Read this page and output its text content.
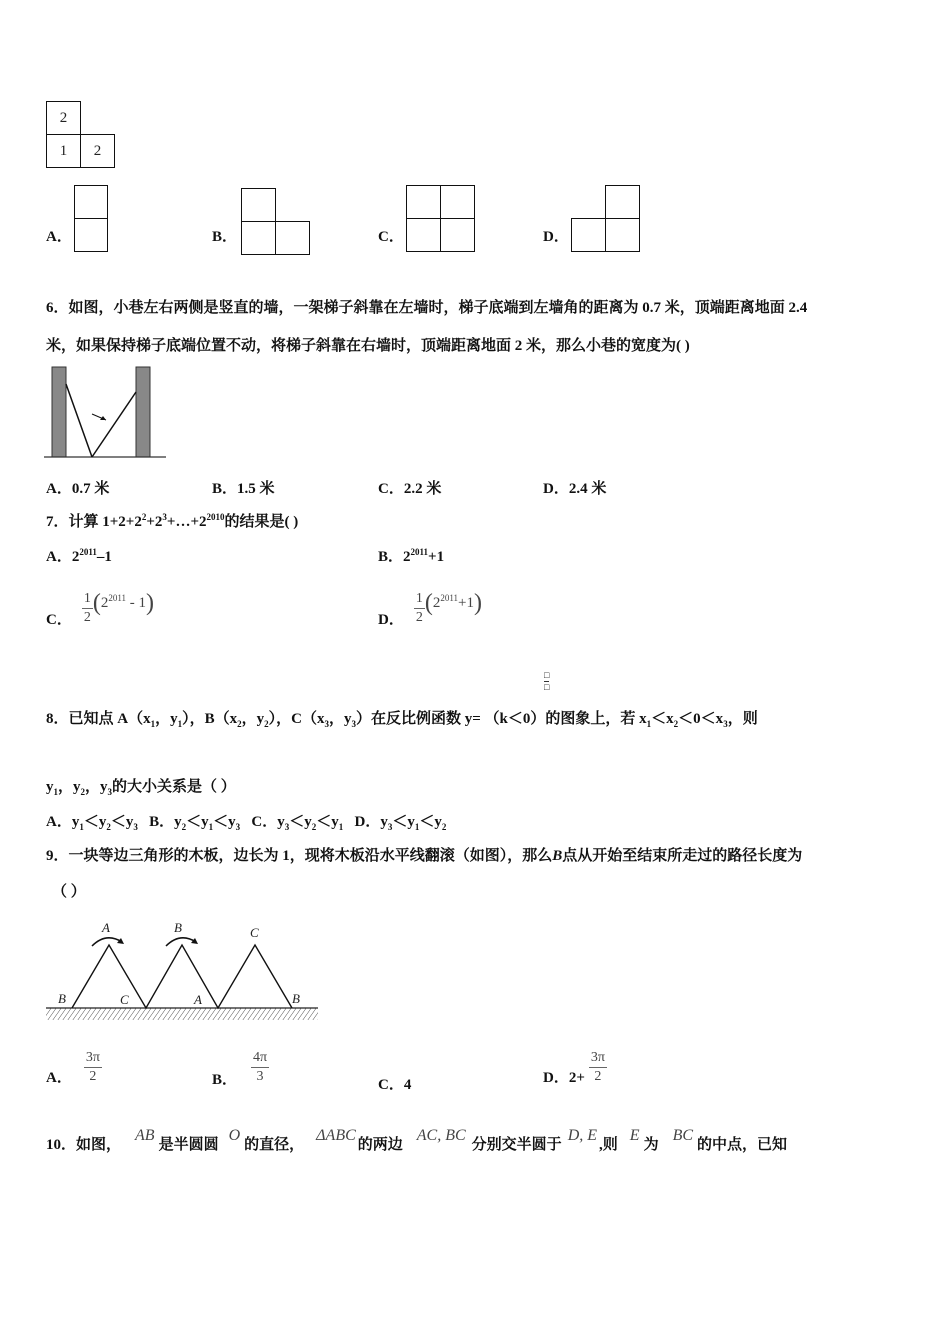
2
1	2
A．	B．	C．	D．
6．如图，小巷左右两侧是竖直的墙，一架梯子斜靠在左墙时，梯子底端到左墙角的距离为 0.7 米，顶端距离地面 2.4
米，如果保持梯子底端位置不动，将梯子斜靠在右墙时，顶端距离地面 2 米，那么小巷的宽度为( )
A．0.7 米	B．1.5 米	C．2.2 米	D．2.4 米
7．计算 $1+2+2^2+2^3+\dots+2^{2010}$的结果是( )
A．$2^{2011}-1$	B．$2^{2011}+1$
C． $\frac{1}{2}$ ( $2^{2011} - 1$ )
D． $\frac{1}{2}$ ( $2^{2011}+1$ )
□
□
8．已知点 $A(x_1$，$y_1$），$B(x_2$，$y_2$），$C(x_3$，$y_3$）在反比例函数 y= （k＜0）的图象上，若 $x_1<x_2<0<x_3$，则
$y_1$，$y_2$，$y_3$的大小关系是（ ）
A．$y_1<y_2<y_3$ B．$y_2<y_1<y_3$ C．$y_3<y_2<y_1$ D．$y_3<y_1<y_2$
9．一块等边三角形的木板，边长为 1，现将木板沿水平线翻滚（如图），那么B点从开始至结束所走过的路径长度为
（ ）
A	B	C
B	C	A	B
A． $\frac{3\pi}{2}$	B． $\frac{4\pi}{3}$	C．4	D．$2+ \frac{3\pi}{2}$
10．如图，AB是半圆圆O的直径，ΔABC的两边AC, BC分别交半圆于D, E,则E为BC的中点，已知
